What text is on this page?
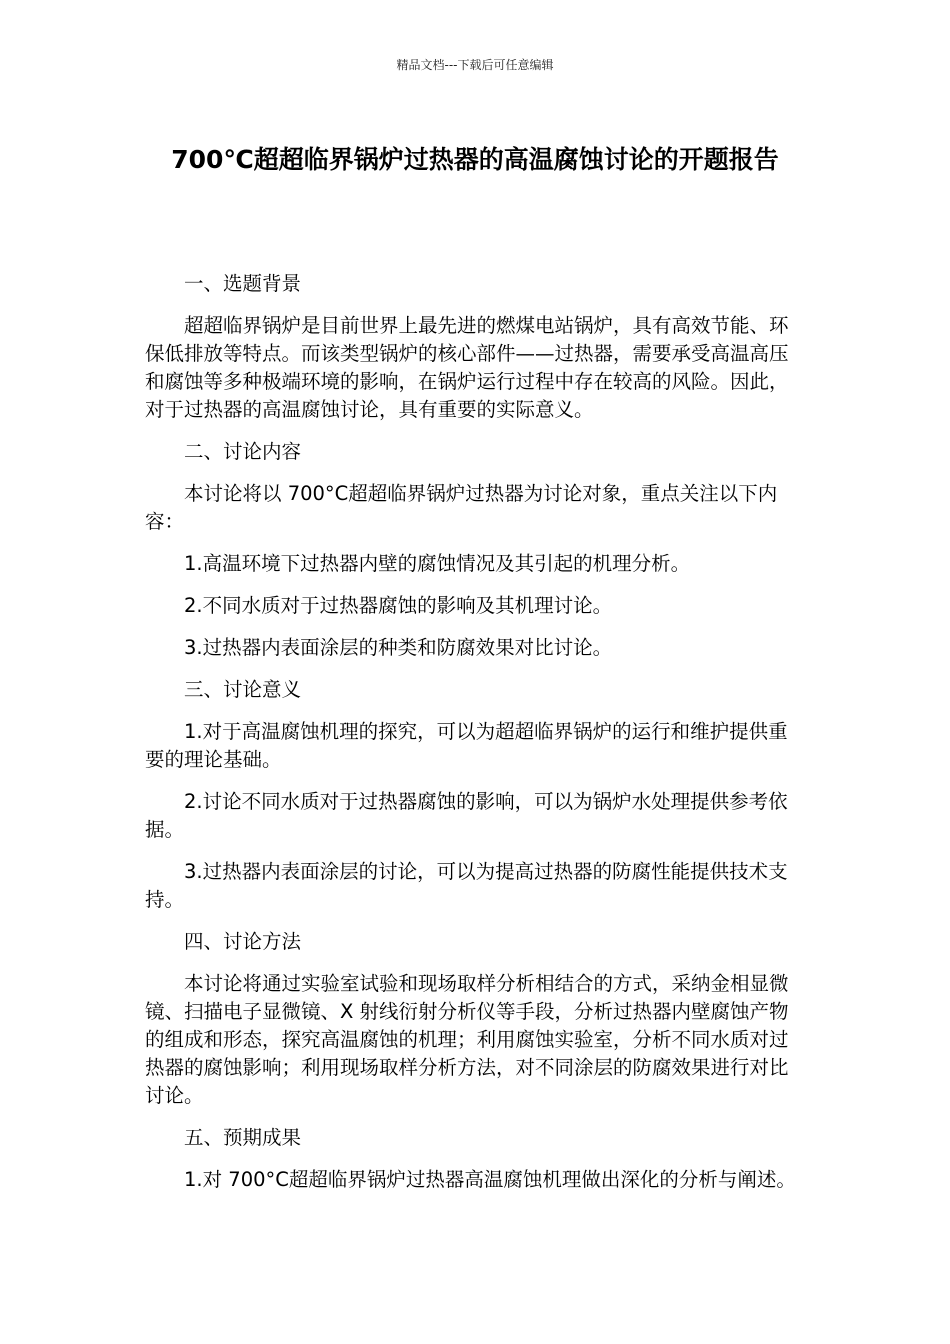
精品文档---下载后可任意编辑
700℃超超临界锅炉过热器的高温腐蚀讨论的开题报告

一、选题背景

超超临界锅炉是目前世界上最先进的燃煤电站锅炉，具有高效节能、环保低排放等特点。而该类型锅炉的核心部件——过热器，需要承受高温高压和腐蚀等多种极端环境的影响，在锅炉运行过程中存在较高的风险。因此，对于过热器的高温腐蚀讨论，具有重要的实际意义。

二、讨论内容

本讨论将以 700°C超超临界锅炉过热器为讨论对象，重点关注以下内容：

1.高温环境下过热器内壁的腐蚀情况及其引起的机理分析。

2.不同水质对于过热器腐蚀的影响及其机理讨论。

3.过热器内表面涂层的种类和防腐效果对比讨论。

三、讨论意义

1.对于高温腐蚀机理的探究，可以为超超临界锅炉的运行和维护提供重要的理论基础。

2.讨论不同水质对于过热器腐蚀的影响，可以为锅炉水处理提供参考依据。

3.过热器内表面涂层的讨论，可以为提高过热器的防腐性能提供技术支持。

四、讨论方法

本讨论将通过实验室试验和现场取样分析相结合的方式，采纳金相显微镜、扫描电子显微镜、X 射线衍射分析仪等手段，分析过热器内壁腐蚀产物的组成和形态，探究高温腐蚀的机理；利用腐蚀实验室，分析不同水质对过热器的腐蚀影响；利用现场取样分析方法，对不同涂层的防腐效果进行对比讨论。

五、预期成果

1.对 700°C超超临界锅炉过热器高温腐蚀机理做出深化的分析与阐述。
